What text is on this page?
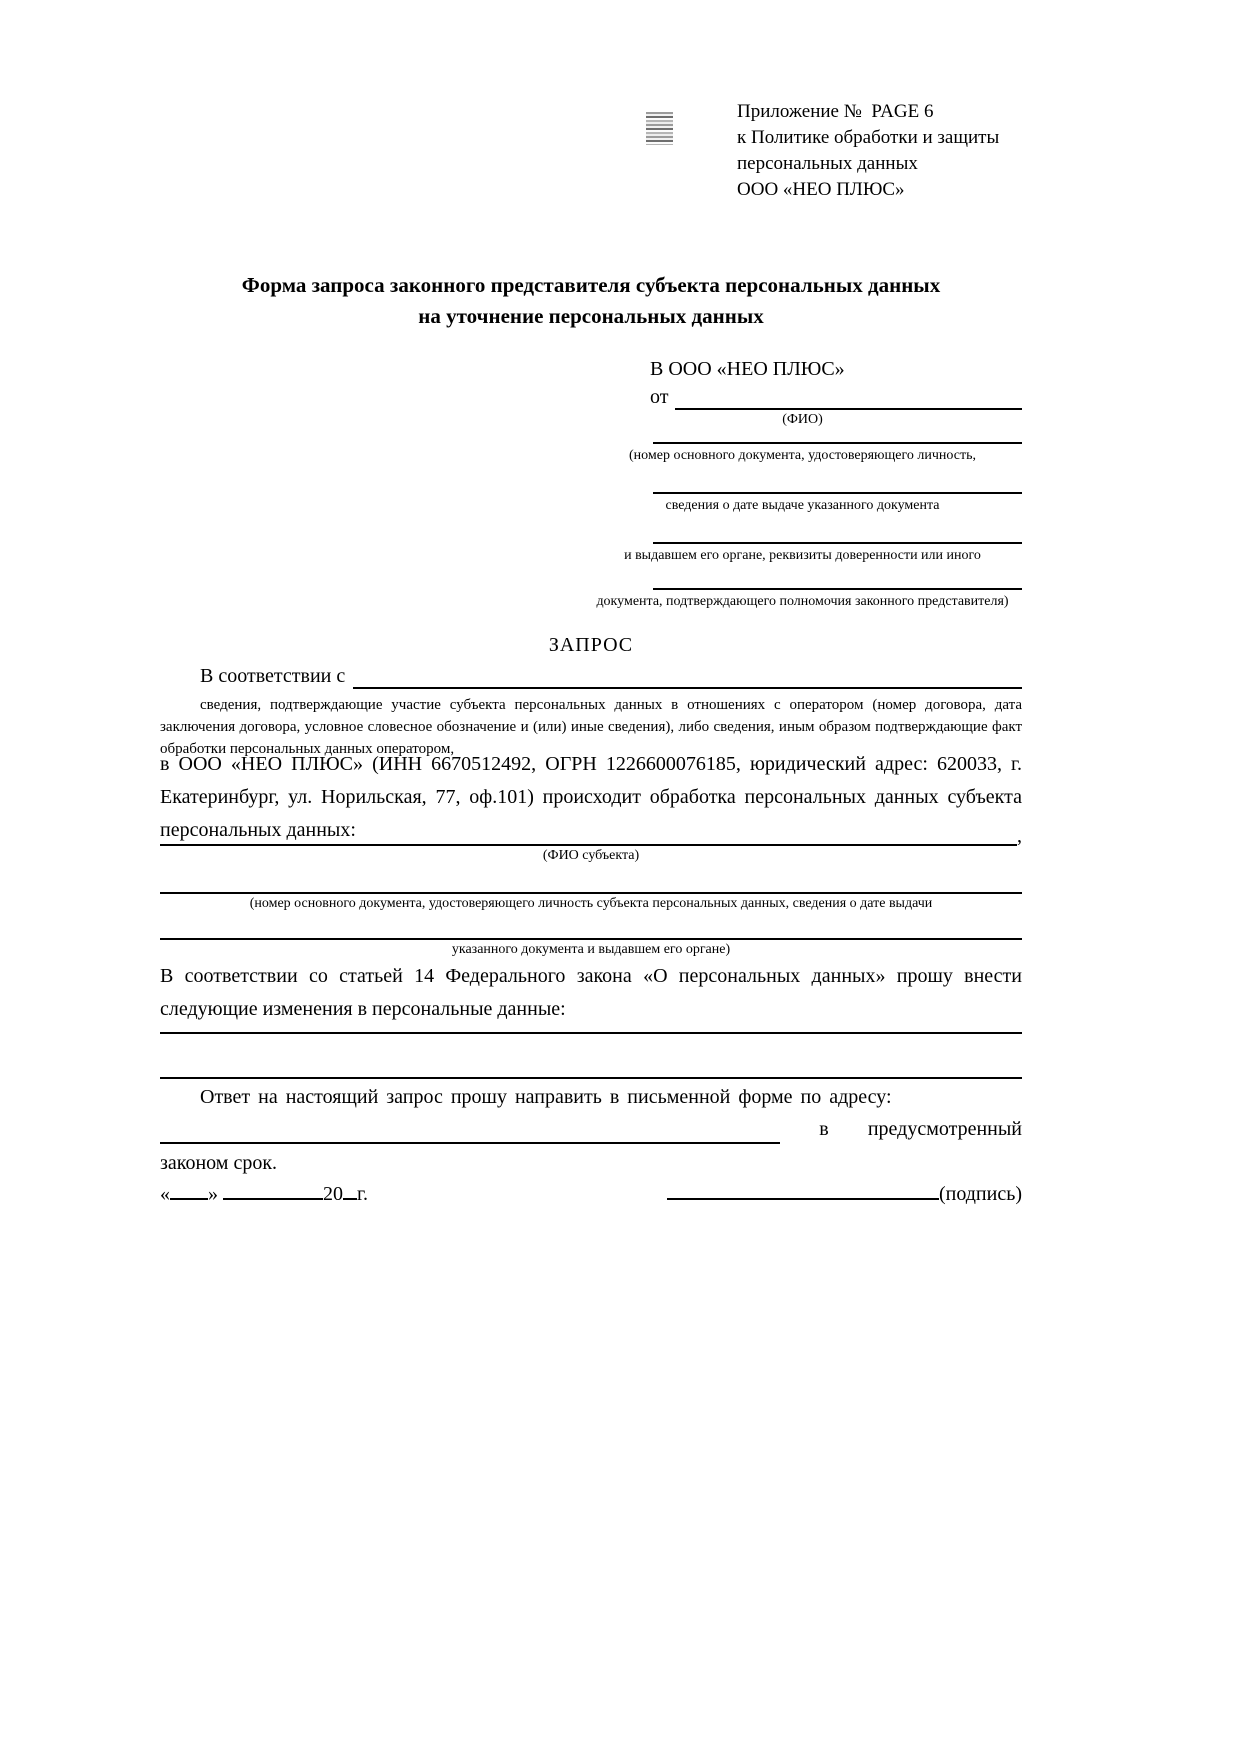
Приложение №  PAGE 6
к Политике обработки и защиты
персональных данных
ООО «НЕО ПЛЮС»
Форма запроса законного представителя субъекта персональных данных
на уточнение персональных данных
В ООО «НЕО ПЛЮС»
от
(ФИО)
(номер основного документа, удостоверяющего личность,
сведения о дате выдаче указанного документа
и выдавшем его органе, реквизиты доверенности или иного
документа, подтверждающего полномочия законного представителя)
ЗАПРОС
В соответствии с
сведения, подтверждающие участие субъекта персональных данных в отношениях с оператором (номер договора, дата заключения договора, условное словесное обозначение и (или) иные сведения), либо сведения, иным образом подтверждающие факт обработки персональных данных оператором,
в ООО «НЕО ПЛЮС» (ИНН 6670512492, ОГРН 1226600076185, юридический адрес: 620033, г. Екатеринбург, ул. Норильская, 77, оф.101) происходит обработка персональных данных субъекта персональных данных:	,
(ФИО субъекта)
(номер основного документа, удостоверяющего личность субъекта персональных данных, сведения о дате выдачи
указанного документа и выдавшем его органе)
В соответствии со статьей 14 Федерального закона «О персональных данных» прошу внести следующие изменения в персональные данные:
Ответ на настоящий запрос прошу направить в письменной форме по адресу:
в предусмотренный
законом срок.
« »	20 г.	(подпись)
